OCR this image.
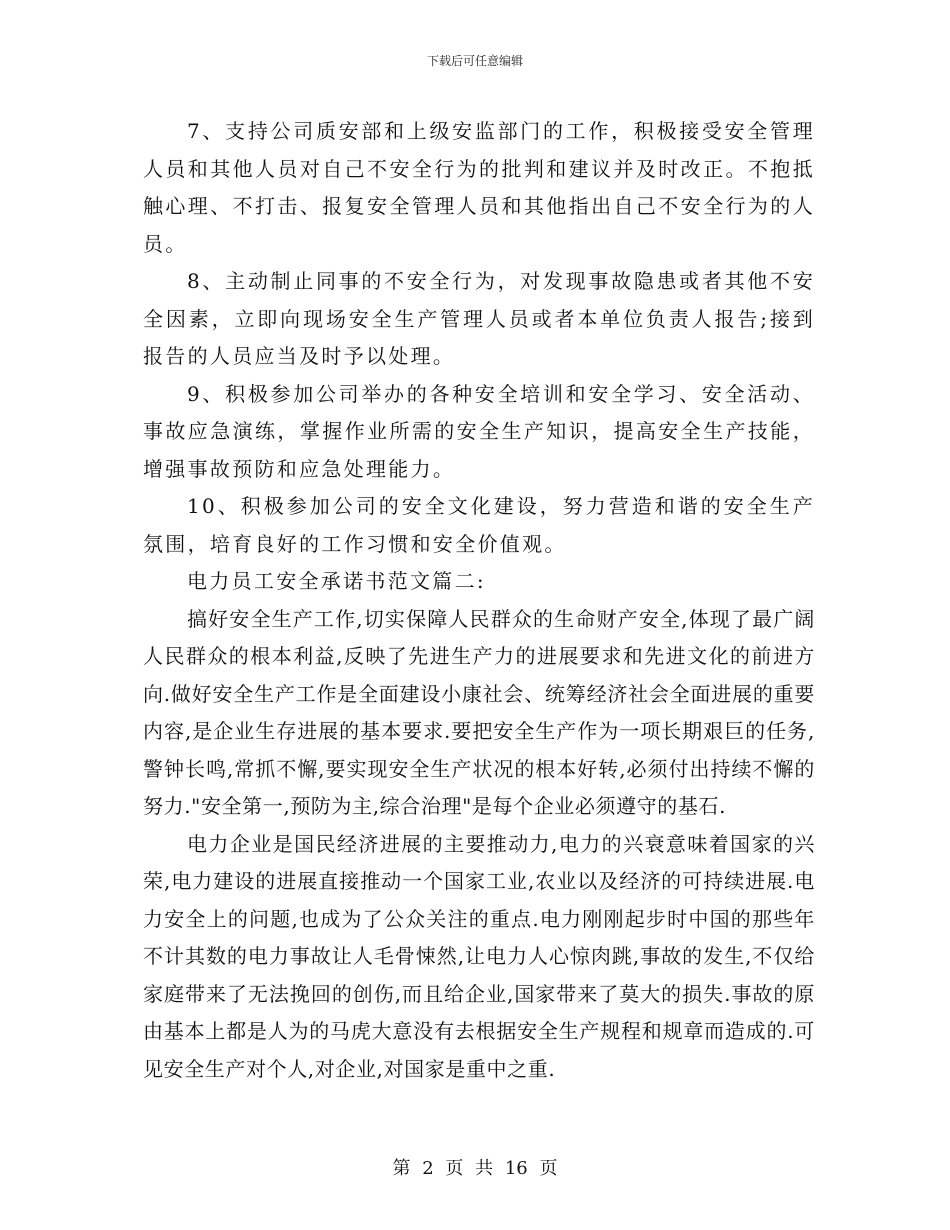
下载后可任意编辑

7、支持公司质安部和上级安监部门的工作，积极接受安全管理人员和其他人员对自己不安全行为的批判和建议并及时改正。不抱抵触心理、不打击、报复安全管理人员和其他指出自己不安全行为的人员。

8、主动制止同事的不安全行为，对发现事故隐患或者其他不安全因素，立即向现场安全生产管理人员或者本单位负责人报告;接到报告的人员应当及时予以处理。

9、积极参加公司举办的各种安全培训和安全学习、安全活动、事故应急演练，掌握作业所需的安全生产知识，提高安全生产技能，增强事故预防和应急处理能力。

10、积极参加公司的安全文化建设，努力营造和谐的安全生产氛围，培育良好的工作习惯和安全价值观。

电力员工安全承诺书范文篇二:

搞好安全生产工作,切实保障人民群众的生命财产安全,体现了最广阔人民群众的根本利益,反映了先进生产力的进展要求和先进文化的前进方向.做好安全生产工作是全面建设小康社会、统筹经济社会全面进展的重要内容,是企业生存进展的基本要求.要把安全生产作为一项长期艰巨的任务,警钟长鸣,常抓不懈,要实现安全生产状况的根本好转,必须付出持续不懈的努力."安全第一,预防为主,综合治理"是每个企业必须遵守的基石.

电力企业是国民经济进展的主要推动力,电力的兴衰意味着国家的兴荣,电力建设的进展直接推动一个国家工业,农业以及经济的可持续进展.电力安全上的问题,也成为了公众关注的重点.电力刚刚起步时中国的那些年不计其数的电力事故让人毛骨悚然,让电力人心惊肉跳,事故的发生,不仅给家庭带来了无法挽回的创伤,而且给企业,国家带来了莫大的损失.事故的原由基本上都是人为的马虎大意没有去根据安全生产规程和规章而造成的.可见安全生产对个人,对企业,对国家是重中之重.

第 2 页 共 16 页
